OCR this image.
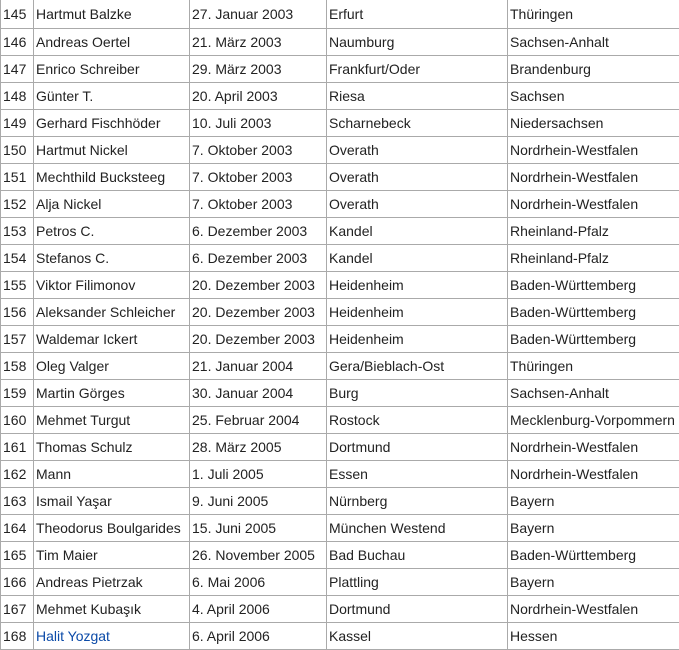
145	Hartmut Balzke	27. Januar 2003	Erfurt	Thüringen
146	Andreas Oertel	21. März 2003	Naumburg	Sachsen-Anhalt
147	Enrico Schreiber	29. März 2003	Frankfurt/Oder	Brandenburg
148	Günter T.	20. April 2003	Riesa	Sachsen
149	Gerhard Fischhöder	10. Juli 2003	Scharnebeck	Niedersachsen
150	Hartmut Nickel	7. Oktober 2003	Overath	Nordrhein-Westfalen
151	Mechthild Bucksteeg	7. Oktober 2003	Overath	Nordrhein-Westfalen
152	Alja Nickel	7. Oktober 2003	Overath	Nordrhein-Westfalen
153	Petros C.	6. Dezember 2003	Kandel	Rheinland-Pfalz
154	Stefanos C.	6. Dezember 2003	Kandel	Rheinland-Pfalz
155	Viktor Filimonov	20. Dezember 2003	Heidenheim	Baden-Württemberg
156	Aleksander Schleicher	20. Dezember 2003	Heidenheim	Baden-Württemberg
157	Waldemar Ickert	20. Dezember 2003	Heidenheim	Baden-Württemberg
158	Oleg Valger	21. Januar 2004	Gera/Bieblach-Ost	Thüringen
159	Martin Görges	30. Januar 2004	Burg	Sachsen-Anhalt
160	Mehmet Turgut	25. Februar 2004	Rostock	Mecklenburg-Vorpommern
161	Thomas Schulz	28. März 2005	Dortmund	Nordrhein-Westfalen
162	Mann	1. Juli 2005	Essen	Nordrhein-Westfalen
163	Ismail Yaşar	9. Juni 2005	Nürnberg	Bayern
164	Theodorus Boulgarides	15. Juni 2005	München Westend	Bayern
165	Tim Maier	26. November 2005	Bad Buchau	Baden-Württemberg
166	Andreas Pietrzak	6. Mai 2006	Plattling	Bayern
167	Mehmet Kubaşık	4. April 2006	Dortmund	Nordrhein-Westfalen
168	Halit Yozgat	6. April 2006	Kassel	Hessen
